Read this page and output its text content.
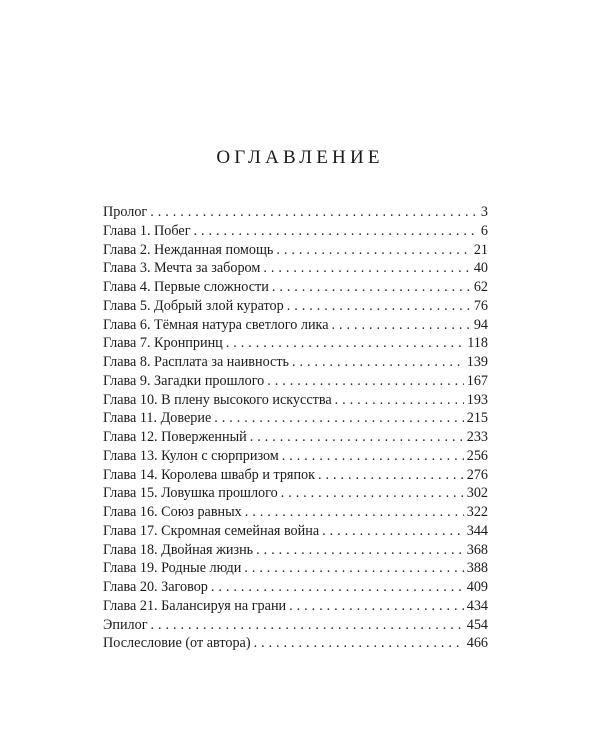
ОГЛАВЛЕНИЕ
Пролог . . .	3
Глава 1. Побег . . .	6
Глава 2. Нежданная помощь . . .	21
Глава 3. Мечта за забором . . .	40
Глава 4. Первые сложности . . .	62
Глава 5. Добрый злой куратор . . .	76
Глава 6. Тёмная натура светлого лика . . .	94
Глава 7. Кронпринц . . .	118
Глава 8. Расплата за наивность . . .	139
Глава 9. Загадки прошлого . . .	167
Глава 10. В плену высокого искусства . . .	193
Глава 11. Доверие . . .	215
Глава 12. Поверженный . . .	233
Глава 13. Кулон с сюрпризом . . .	256
Глава 14. Королева швабр и тряпок . . .	276
Глава 15. Ловушка прошлого . . .	302
Глава 16. Союз равных . . .	322
Глава 17. Скромная семейная война . . .	344
Глава 18. Двойная жизнь . . .	368
Глава 19. Родные люди . . .	388
Глава 20. Заговор . . .	409
Глава 21. Балансируя на грани . . .	434
Эпилог . . .	454
Послесловие (от автора) . . .	466
